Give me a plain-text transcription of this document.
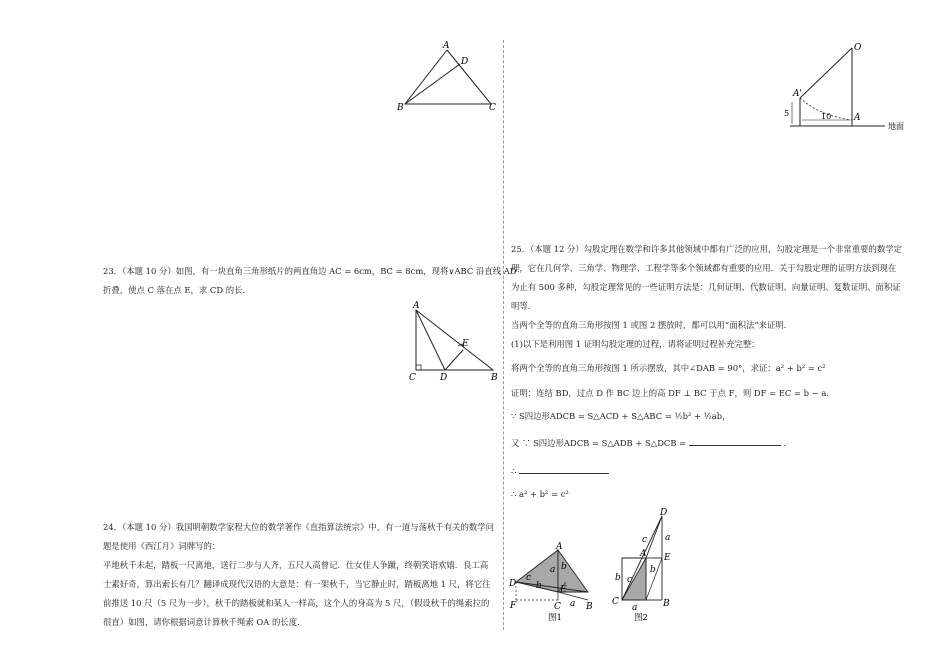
A
D
B	C

23．（本题 10 分）如图，有一块直角三角形纸片的两直角边 AC = 6cm，BC = 8cm，现将∨ABC 沿直线 AD

折叠，使点 C 落在点 E，求 CD 的长.

A
E
C	D	B

24．（本题 10 分）我国明朝数学家程大位的数学著作《直指算法统宗》中，有一道与荡秋千有关的数学问

题是使用《西江月》词牌写的：

平地秋千未起，踏板一尺离地，送行二步与人齐，五尺人高曾记．仕女佳人争蹴，终朝笑语欢嬉．良工高

士素好奇，算出索长有几？翻译成现代汉语的大意是：有一架秋千，当它静止时，踏板离地 1 尺，将它往

前推送 10 尺（5 尺为一步），秋千的踏板就和某人一样高，这个人的身高为 5 尺，（假设秋千的绳索拉的

很直）如图，请你根据词意计算秋千绳索 OA 的长度.

O
A'
A
5	10
地面

25．（本题 12 分）勾股定理在数学和许多其他领域中都有广泛的应用，勾股定理是一个非常重要的数学定

理，它在几何学、三角学、物理学、工程学等多个领域都有重要的应用．关于勾股定理的证明方法到现在

为止有 500 多种，勾股定理常见的一些证明方法是：几何证明、代数证明、向量证明、复数证明、面积证

明等.

当两个全等的直角三角形按图 1 或图 2 摆放时，都可以用“面积法”来证明.

(1)以下是利用图 1 证明勾股定理的过程，请将证明过程补充完整：

将两个全等的直角三角形按图 1 所示摆放，其中∠DAB = 90°，求证：a² + b² = c²
证明：连结 BD，过点 D 作 BC 边上的高 DF ⊥ BC 于点 F，则 DF = EC = b − a．
∵ S四边形ADCB = S△ACD + S△ABC = ½b² + ½ab，
又 ∵ S四边形ADCB = S△ADB + S△DCB =	.
∴
∴ a² + b² = c²
A
D
E
F	C	B
a b
c
b
a
图1
D
A E
C	B
c a
b
c
b
a
图2
